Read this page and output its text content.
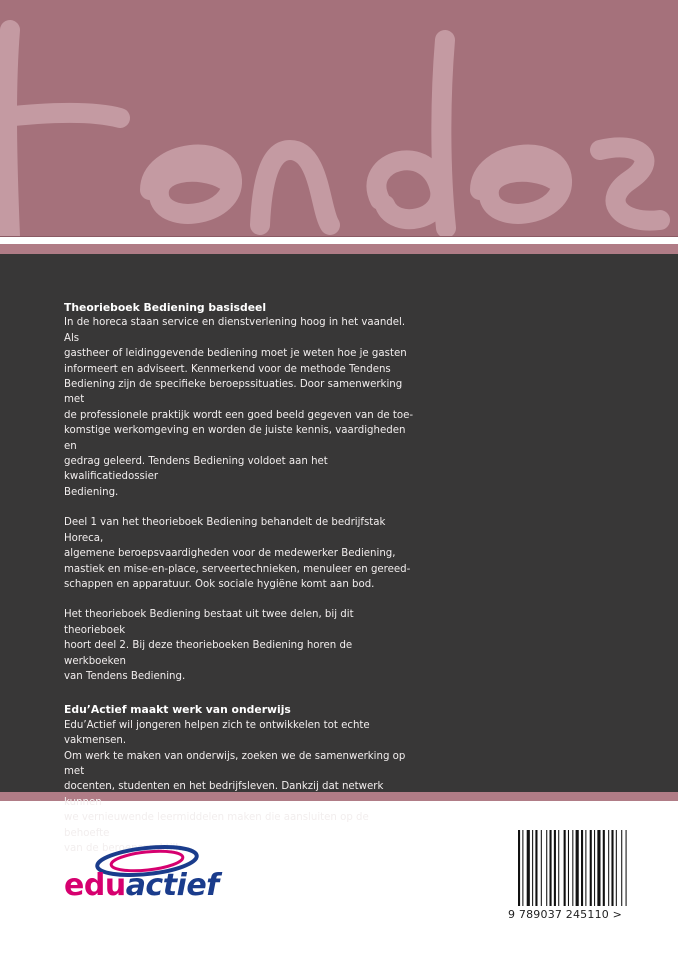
Theorieboek Bediening basisdeel

In de horeca staan service en dienstverlening hoog in het vaandel. Als
gastheer of leidinggevende bediening moet je weten hoe je gasten
informeert en adviseert. Kenmerkend voor de methode Tendens
Bediening zijn de specifieke beroepssituaties. Door samenwerking met
de professionele praktijk wordt een goed beeld gegeven van de toe-
komstige werkomgeving en worden de juiste kennis, vaardigheden en
gedrag geleerd. Tendens Bediening voldoet aan het kwalificatiedossier
Bediening.

Deel 1 van het theorieboek Bediening behandelt de bedrijfstak Horeca,
algemene beroepsvaardigheden voor de medewerker Bediening,
mastiek en mise-en-place, serveertechnieken, menuleer en gereed-
schappen en apparatuur. Ook sociale hygiëne komt aan bod.

Het theorieboek Bediening bestaat uit twee delen, bij dit theorieboek
hoort deel 2. Bij deze theorieboeken Bediening horen de werkboeken
van Tendens Bediening.

Edu’Actief maakt werk van onderwijs

Edu’Actief wil jongeren helpen zich te ontwikkelen tot echte vakmensen.
Om werk te maken van onderwijs, zoeken we de samenwerking op met
docenten, studenten en het bedrijfsleven. Dankzij dat netwerk kunnen
we vernieuwende leermiddelen maken die aansluiten op de behoefte
van de beroepspraktijk.

eduactief
9 789037 245110 >
